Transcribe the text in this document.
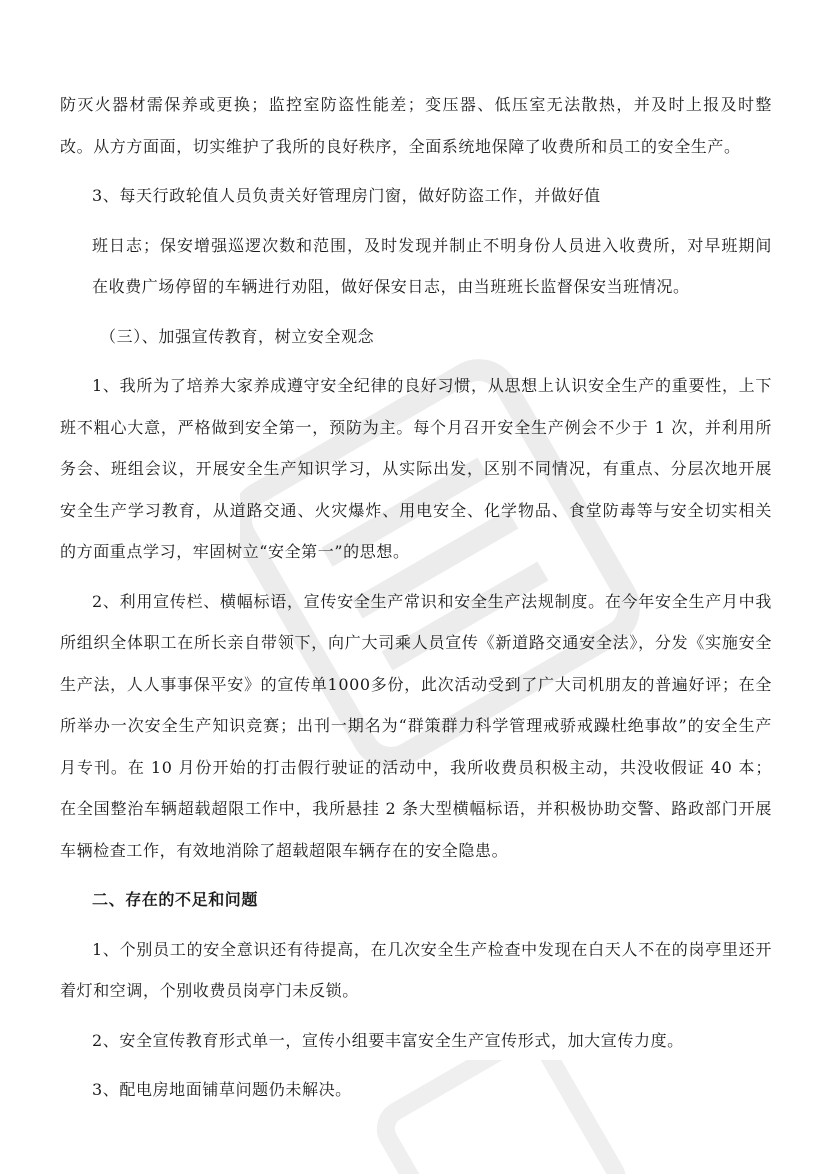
防灭火器材需保养或更换；监控室防盗性能差；变压器、低压室无法散热，并及时上报及时整改。从方方面面，切实维护了我所的良好秩序，全面系统地保障了收费所和员工的安全生产。

3、每天行政轮值人员负责关好管理房门窗，做好防盗工作，并做好值

班日志；保安增强巡逻次数和范围，及时发现并制止不明身份人员进入收费所，对早班期间在收费广场停留的车辆进行劝阻，做好保安日志，由当班班长监督保安当班情况。

（三）、加强宣传教育，树立安全观念

1、我所为了培养大家养成遵守安全纪律的良好习惯，从思想上认识安全生产的重要性，上下班不粗心大意，严格做到安全第一，预防为主。每个月召开安全生产例会不少于 1 次，并利用所务会、班组会议，开展安全生产知识学习，从实际出发，区别不同情况，有重点、分层次地开展安全生产学习教育，从道路交通、火灾爆炸、用电安全、化学物品、食堂防毒等与安全切实相关的方面重点学习，牢固树立“安全第一”的思想。

2、利用宣传栏、横幅标语，宣传安全生产常识和安全生产法规制度。在今年安全生产月中我所组织全体职工在所长亲自带领下，向广大司乘人员宣传《新道路交通安全法》，分发《实施安全生产法，人人事事保平安》的宣传单1000多份，此次活动受到了广大司机朋友的普遍好评；在全所举办一次安全生产知识竞赛；出刊一期名为“群策群力科学管理戒骄戒躁杜绝事故”的安全生产月专刊。在 10 月份开始的打击假行驶证的活动中，我所收费员积极主动，共没收假证 40 本；在全国整治车辆超载超限工作中，我所悬挂 2 条大型横幅标语，并积极协助交警、路政部门开展车辆检查工作，有效地消除了超载超限车辆存在的安全隐患。

二、存在的不足和问题

1、个别员工的安全意识还有待提高，在几次安全生产检查中发现在白天人不在的岗亭里还开着灯和空调，个别收费员岗亭门未反锁。

2、安全宣传教育形式单一，宣传小组要丰富安全生产宣传形式，加大宣传力度。

3、配电房地面铺草问题仍未解决。
